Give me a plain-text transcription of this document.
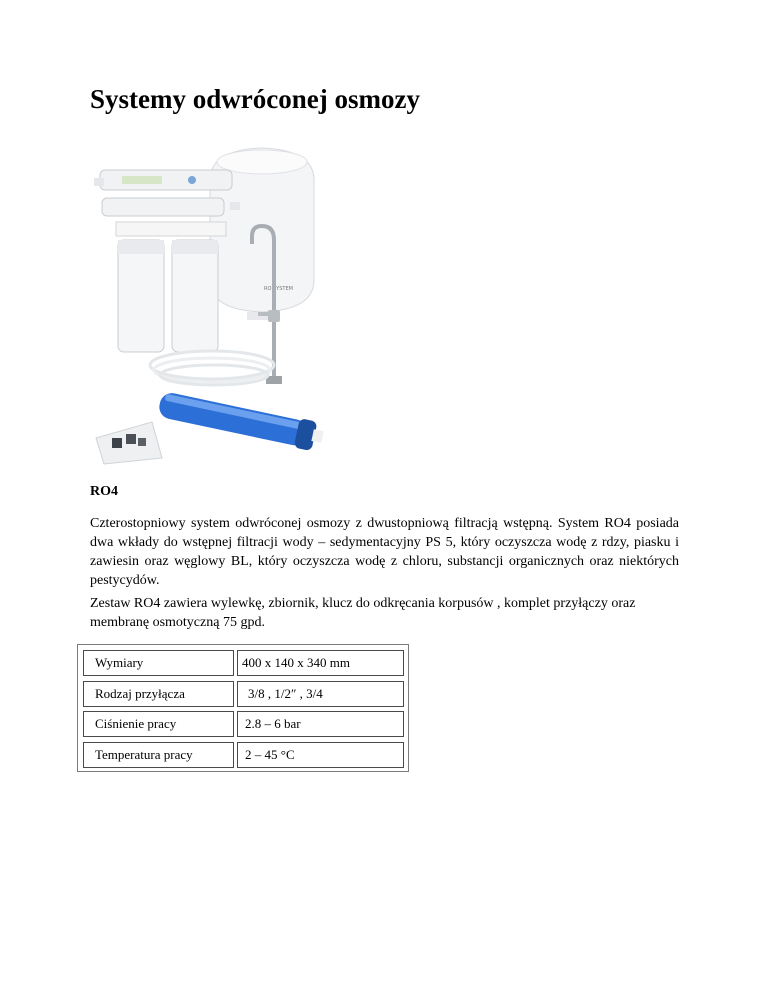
Systemy odwróconej osmozy
RO SYSTEM
RO4

Czterostopniowy system odwróconej osmozy z dwustopniową filtracją wstępną. System RO4 posiada dwa wkłady do wstępnej filtracji wody – sedymentacyjny PS 5, który oczyszcza wodę z rdzy, piasku i zawiesin oraz węglowy BL, który oczyszcza wodę z chloru, substancji organicznych oraz niektórych pestycydów.

Zestaw RO4 zawiera wylewkę, zbiornik, klucz do odkręcania korpusów , komplet przyłączy oraz membranę osmotyczną 75 gpd.

Wymiary	400 x 140 x 340 mm
Rodzaj przyłącza	3/8 , 1/2″ , 3/4
Ciśnienie pracy	2.8 – 6 bar
Temperatura pracy	2 – 45 °C
